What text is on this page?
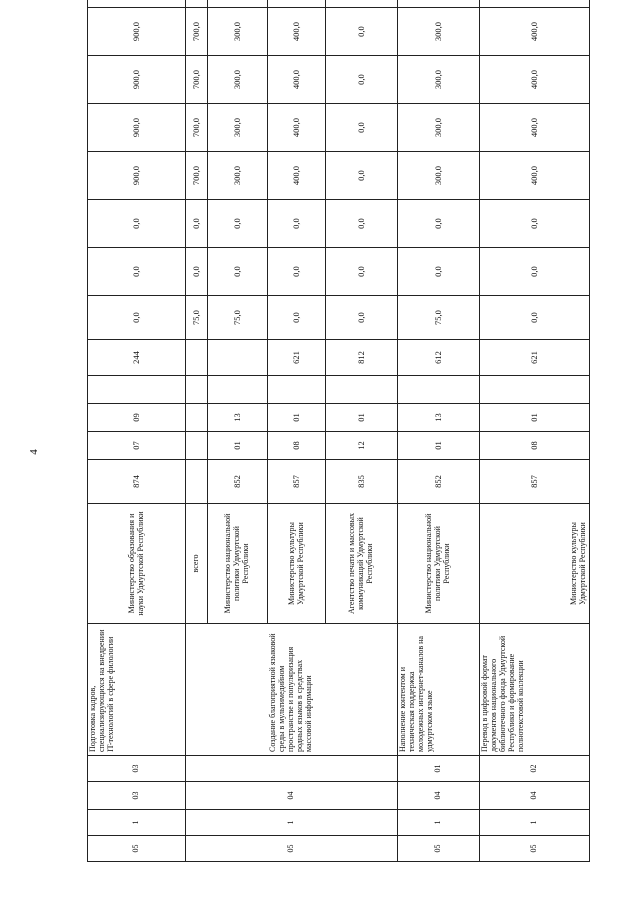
4
05	1	03	03	Подготовка кадров, специализирующихся на внедрении IT-технологий в сфере филологии	Министерство образования и науки Удмуртской Республики	874	07	09		244	0,0	0,0	0,0	900,0	900,0	900,0	900,0	
05	1	04		Создание благоприятной языковой среды в мультимедийном пространстве и популяризация родных языков в средствах массовой информации	всего						75,0	0,0	0,0	700,0	700,0	700,0	700,0	
					Министерство национальной политики Удмуртской Республики	852	01	13			75,0	0,0	0,0	300,0	300,0	300,0	300,0	
					Министерство культуры Удмуртской Республики	857	08	01		621	0,0	0,0	0,0	400,0	400,0	400,0	400,0	
					Агентство печати и массовых коммуникаций Удмуртской Республики	835	12	01		812	0,0	0,0	0,0	0,0	0,0	0,0	0,0	
05	1	04	01	Наполнение контентом и техническая поддержка молодежных интернет-каналов на удмуртском языке	Министерство национальной политики Удмуртской Республики	852	01	13		612	75,0	0,0	0,0	300,0	300,0	300,0	300,0	
05	1	04	02	Перевод в цифровой формат документов национального библиотечного фонда Удмуртской Республики и формирование полнотекстовой коллекции	Министерство культуры Удмуртской Республики	857	08	01		621	0,0	0,0	0,0	400,0	400,0	400,0	400,0	
